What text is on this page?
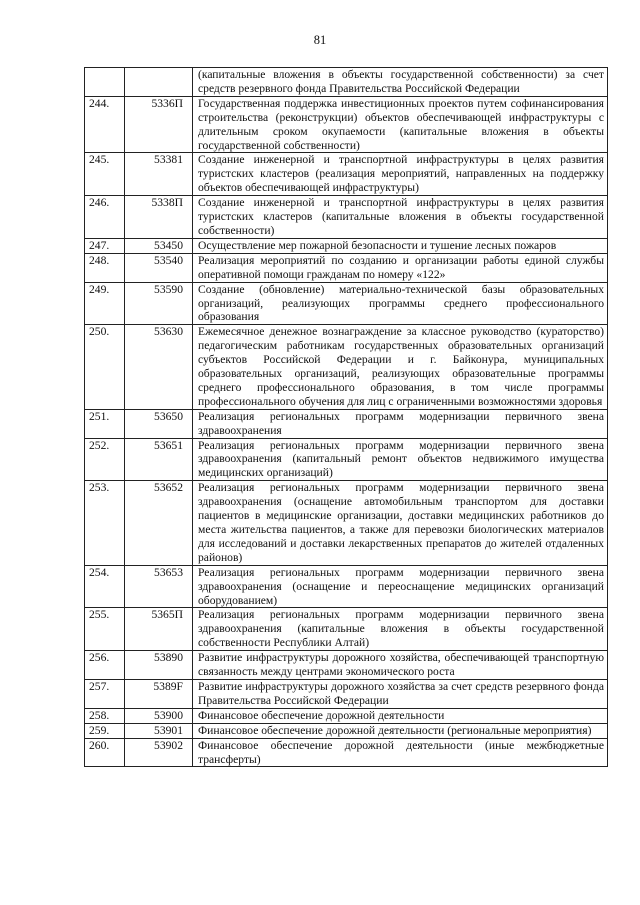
81
		(капитальные вложения в объекты государственной собственности) за счет средств резервного фонда Правительства Российской Федерации
244.	5336П	Государственная поддержка инвестиционных проектов путем софинансирования строительства (реконструкции) объектов обеспечивающей инфраструктуры с длительным сроком окупаемости (капитальные вложения в объекты государственной собственности)
245.	53381	Создание инженерной и транспортной инфраструктуры в целях развития туристских кластеров (реализация мероприятий, направленных на поддержку объектов обеспечивающей инфраструктуры)
246.	5338П	Создание инженерной и транспортной инфраструктуры в целях развития туристских кластеров (капитальные вложения в объекты государственной собственности)
247.	53450	Осуществление мер пожарной безопасности и тушение лесных пожаров
248.	53540	Реализация мероприятий по созданию и организации работы единой службы оперативной помощи гражданам по номеру «122»
249.	53590	Создание (обновление) материально-технической базы образовательных организаций, реализующих программы среднего профессионального образования
250.	53630	Ежемесячное денежное вознаграждение за классное руководство (кураторство) педагогическим работникам государственных образовательных организаций субъектов Российской Федерации и г. Байконура, муниципальных образовательных организаций, реализующих образовательные программы среднего профессионального образования, в том числе программы профессионального обучения для лиц с ограниченными возможностями здоровья
251.	53650	Реализация региональных программ модернизации первичного звена здравоохранения
252.	53651	Реализация региональных программ модернизации первичного звена здравоохранения (капитальный ремонт объектов недвижимого имущества медицинских организаций)
253.	53652	Реализация региональных программ модернизации первичного звена здравоохранения (оснащение автомобильным транспортом для доставки пациентов в медицинские организации, доставки медицинских работников до места жительства пациентов, а также для перевозки биологических материалов для исследований и доставки лекарственных препаратов до жителей отдаленных районов)
254.	53653	Реализация региональных программ модернизации первичного звена здравоохранения (оснащение и переоснащение медицинских организаций оборудованием)
255.	5365П	Реализация региональных программ модернизации первичного звена здравоохранения (капитальные вложения в объекты государственной собственности Республики Алтай)
256.	53890	Развитие инфраструктуры дорожного хозяйства, обеспечивающей транспортную связанность между центрами экономического роста
257.	5389F	Развитие инфраструктуры дорожного хозяйства за счет средств резервного фонда Правительства Российской Федерации
258.	53900	Финансовое обеспечение дорожной деятельности
259.	53901	Финансовое обеспечение дорожной деятельности (региональные мероприятия)
260.	53902	Финансовое обеспечение дорожной деятельности (иные межбюджетные трансферты)
